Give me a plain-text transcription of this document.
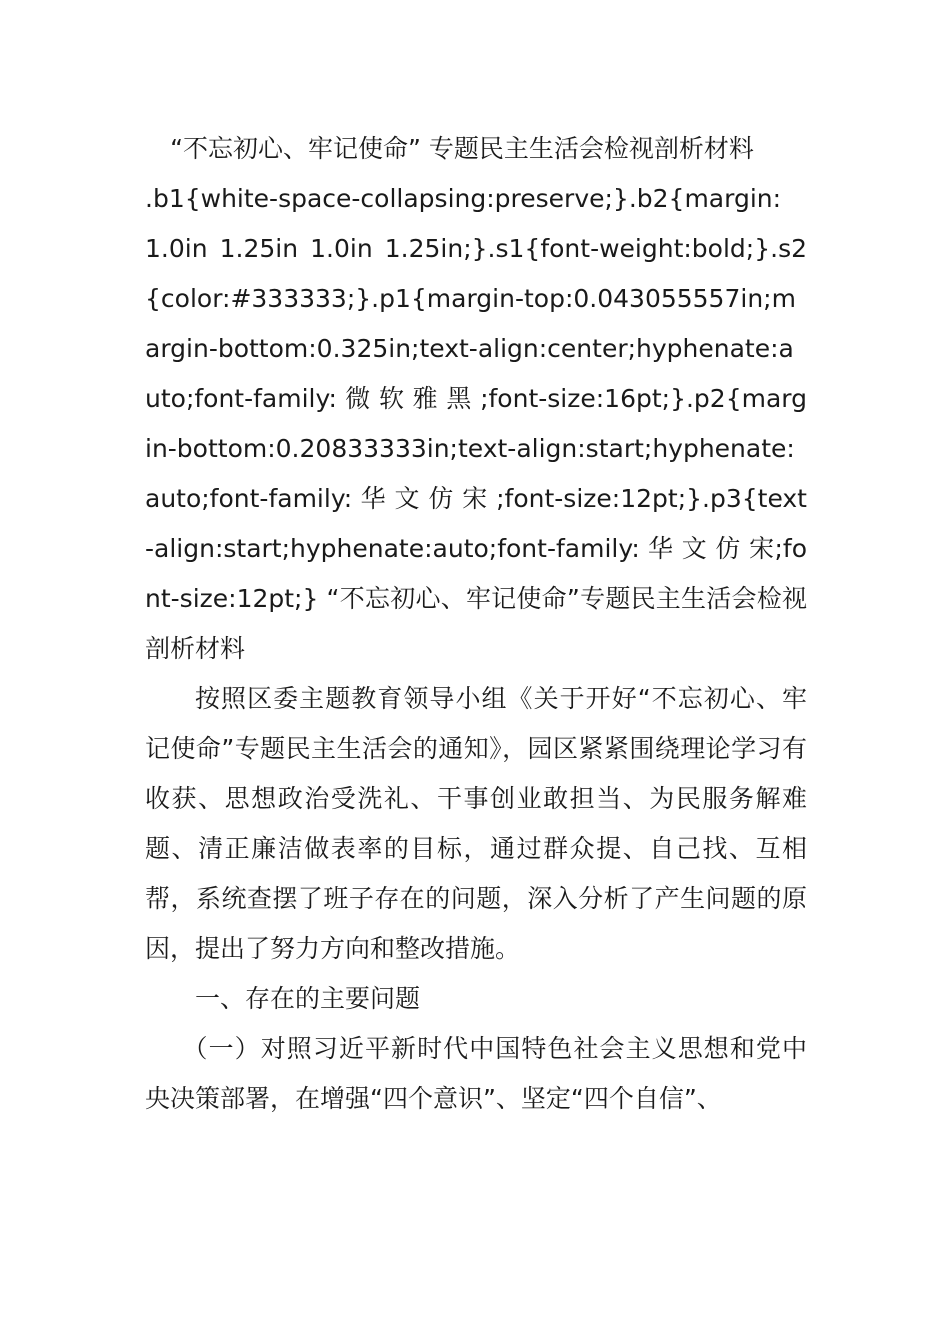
“不忘初心、牢记使命” 专题民主生活会检视剖析材料

.b1{white-space-collapsing:preserve;}.b2{margin: 1.0in 1.25in 1.0in 1.25in;}.s1{font-weight:bold;}.s2{color:#333333;}.p1{margin-top:0.043055557in;margin-bottom:0.325in;text-align:center;hyphenate:auto;font-family: 微 软 雅 黑 ;font-size:16pt;}.p2{margin-bottom:0.20833333in;text-align:start;hyphenate:auto;font-family: 华 文 仿 宋 ;font-size:12pt;}.p3{text-align:start;hyphenate:auto;font-family: 华 文 仿 宋;font-size:12pt;} “不忘初心、牢记使命”专题民主生活会检视剖析材料

按照区委主题教育领导小组《关于开好“不忘初心、牢记使命”专题民主生活会的通知》，园区紧紧围绕理论学习有收获、思想政治受洗礼、干事创业敢担当、为民服务解难题、清正廉洁做表率的目标，通过群众提、自己找、互相帮，系统查摆了班子存在的问题，深入分析了产生问题的原因，提出了努力方向和整改措施。

一、存在的主要问题

（一）对照习近平新时代中国特色社会主义思想和党中央决策部署，在增强“四个意识”、坚定“四个自信”、
